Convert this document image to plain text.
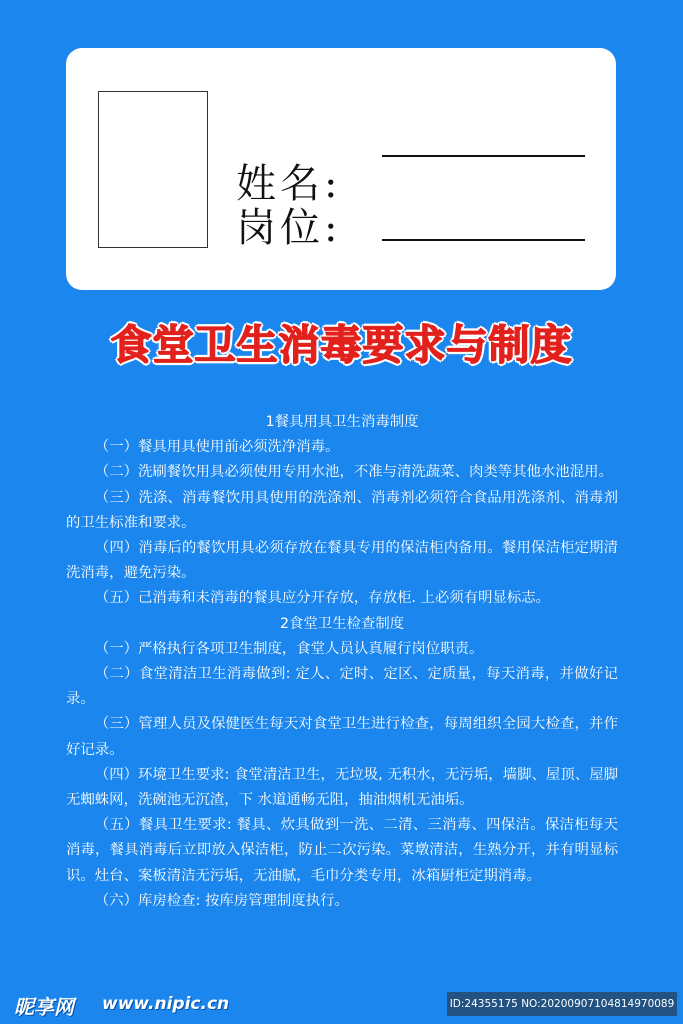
姓名:
岗位:
食堂卫生消毒要求与制度
1餐具用具卫生消毒制度

（一）餐具用具使用前必须洗净消毒。

（二）洗刷餐饮用具必须使用专用水池，不准与清洗蔬菜、肉类等其他水池混用。

（三）洗涤、消毒餐饮用具使用的洗涤剂、消毒剂必须符合食品用洗涤剂、消毒剂的卫生标准和要求。

（四）消毒后的餐饮用具必须存放在餐具专用的保洁柜内备用。餐用保洁柜定期清洗消毒，避免污染。

（五）己消毒和未消毒的餐具应分开存放，存放柜. 上必须有明显标志。

2食堂卫生检查制度

（一）严格执行各项卫生制度，食堂人员认真履行岗位职责。

（二）食堂清洁卫生消毒做到: 定人、定时、定区、定质量，每天消毒，并做好记录。

（三）管理人员及保健医生每天对食堂卫生进行检查，每周组织全园大检查，并作好记录。

（四）环境卫生要求: 食堂清洁卫生，无垃圾, 无积水，无污垢，墙脚、屋顶、屋脚无蜘蛛网，洗碗池无沉渣，下 水道通畅无阻，抽油烟机无油垢。

（五）餐具卫生要求: 餐具、炊具做到一洗、二清、三消毒、四保洁。保洁柜每天消毒，餐具消毒后立即放入保洁柜，防止二次污染。菜墩清洁，生熟分开，并有明显标识。灶台、案板清洁无污垢，无油腻，毛巾分类专用，冰箱厨柜定期消毒。

（六）库房检查: 按库房管理制度执行。

昵享网 www.nipic.cn	ID:24355175 NO:20200907104814970089
